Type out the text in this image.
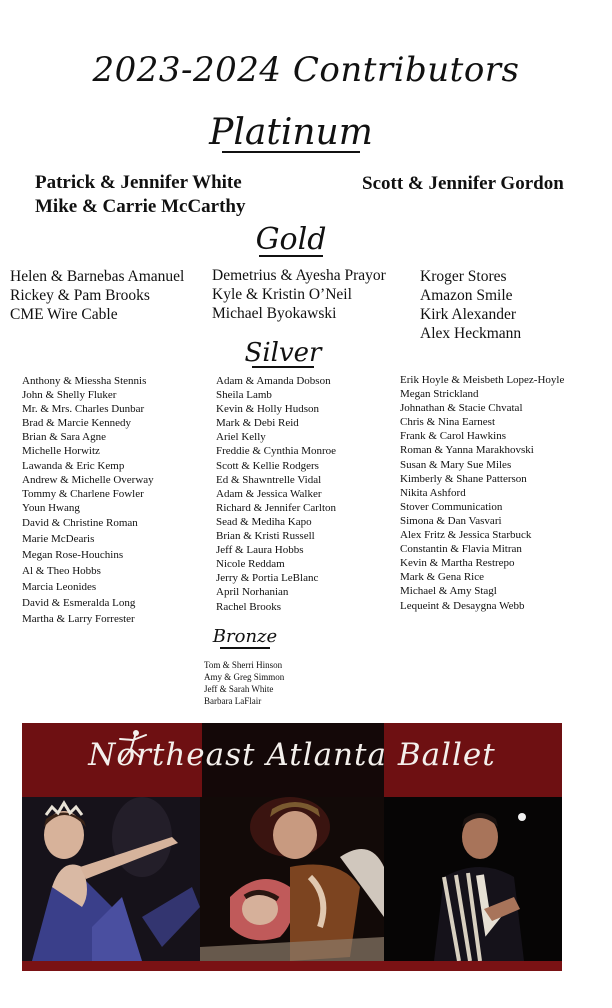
2023-2024 Contributors
Platinum
Patrick & Jennifer White
Mike & Carrie McCarthy
Scott & Jennifer Gordon
Gold
Helen & Barnebas Amanuel
Rickey & Pam Brooks
CME Wire Cable
Demetrius & Ayesha Prayor
Kyle & Kristin O’Neil
Michael Byokawski
Kroger Stores
Amazon Smile
Kirk Alexander
Alex Heckmann
Silver
Anthony & Miessha Stennis
John & Shelly Fluker
Mr. & Mrs. Charles Dunbar
Brad & Marcie Kennedy
Brian & Sara Agne
Michelle Horwitz
Lawanda & Eric Kemp
Andrew & Michelle Overway
Tommy & Charlene Fowler
Youn Hwang
David & Christine Roman
Marie McDearis
Megan Rose-Houchins
Al & Theo Hobbs
Marcia Leonides
David & Esmeralda Long
Martha & Larry Forrester
Adam & Amanda Dobson
Sheila Lamb
Kevin & Holly Hudson
Mark & Debi Reid
Ariel Kelly
Freddie & Cynthia Monroe
Scott & Kellie Rodgers
Ed & Shawntrelle Vidal
Adam & Jessica Walker
Richard & Jennifer Carlton
Sead & Mediha Kapo
Brian & Kristi Russell
Jeff & Laura Hobbs
Nicole Reddam
Jerry & Portia LeBlanc
April Norhanian
Rachel Brooks
Erik Hoyle & Meisbeth Lopez-Hoyle
Megan Strickland
Johnathan & Stacie Chvatal
Chris & Nina Earnest
Frank & Carol Hawkins
Roman & Yanna Marakhovski
Susan & Mary Sue Miles
Kimberly & Shane Patterson
Nikita Ashford
Stover Communication
Simona & Dan Vasvari
Alex Fritz & Jessica Starbuck
Constantin & Flavia Mitran
Kevin & Martha Restrepo
Mark & Gena Rice
Michael & Amy Stagl
Lequeint & Desaygna Webb
Bronze
Tom & Sherri Hinson
Amy & Greg Simmon
Jeff & Sarah White
Barbara LaFlair
Northeast Atlanta Ballet
